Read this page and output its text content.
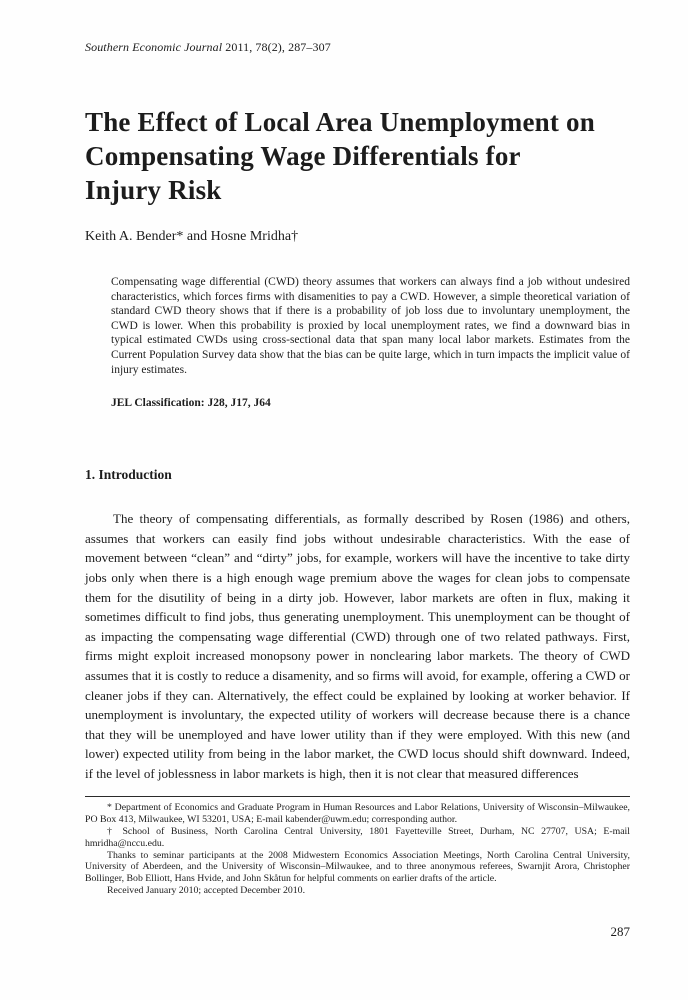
Southern Economic Journal 2011, 78(2), 287–307
The Effect of Local Area Unemployment on
Compensating Wage Differentials for
Injury Risk
Keith A. Bender* and Hosne Mridha†
Compensating wage differential (CWD) theory assumes that workers can always find a job without undesired characteristics, which forces firms with disamenities to pay a CWD. However, a simple theoretical variation of standard CWD theory shows that if there is a probability of job loss due to involuntary unemployment, the CWD is lower. When this probability is proxied by local unemployment rates, we find a downward bias in typical estimated CWDs using cross-sectional data that span many local labor markets. Estimates from the Current Population Survey data show that the bias can be quite large, which in turn impacts the implicit value of injury estimates.
JEL Classification: J28, J17, J64
1. Introduction

The theory of compensating differentials, as formally described by Rosen (1986) and others, assumes that workers can easily find jobs without undesirable characteristics. With the ease of movement between “clean” and “dirty” jobs, for example, workers will have the incentive to take dirty jobs only when there is a high enough wage premium above the wages for clean jobs to compensate them for the disutility of being in a dirty job. However, labor markets are often in flux, making it sometimes difficult to find jobs, thus generating unemployment. This unemployment can be thought of as impacting the compensating wage differential (CWD) through one of two related pathways. First, firms might exploit increased monopsony power in nonclearing labor markets. The theory of CWD assumes that it is costly to reduce a disamenity, and so firms will avoid, for example, offering a CWD or cleaner jobs if they can. Alternatively, the effect could be explained by looking at worker behavior. If unemployment is involuntary, the expected utility of workers will decrease because there is a chance that they will be unemployed and have lower utility than if they were employed. With this new (and lower) expected utility from being in the labor market, the CWD locus should shift downward. Indeed, if the level of joblessness in labor markets is high, then it is not clear that measured differences

* Department of Economics and Graduate Program in Human Resources and Labor Relations, University of Wisconsin–Milwaukee, PO Box 413, Milwaukee, WI 53201, USA; E-mail kabender@uwm.edu; corresponding author.

† School of Business, North Carolina Central University, 1801 Fayetteville Street, Durham, NC 27707, USA; E-mail hmridha@nccu.edu.

Thanks to seminar participants at the 2008 Midwestern Economics Association Meetings, North Carolina Central University, University of Aberdeen, and the University of Wisconsin–Milwaukee, and to three anonymous referees, Swarnjit Arora, Christopher Bollinger, Bob Elliott, Hans Hvide, and John Skåtun for helpful comments on earlier drafts of the article.

Received January 2010; accepted December 2010.

287
